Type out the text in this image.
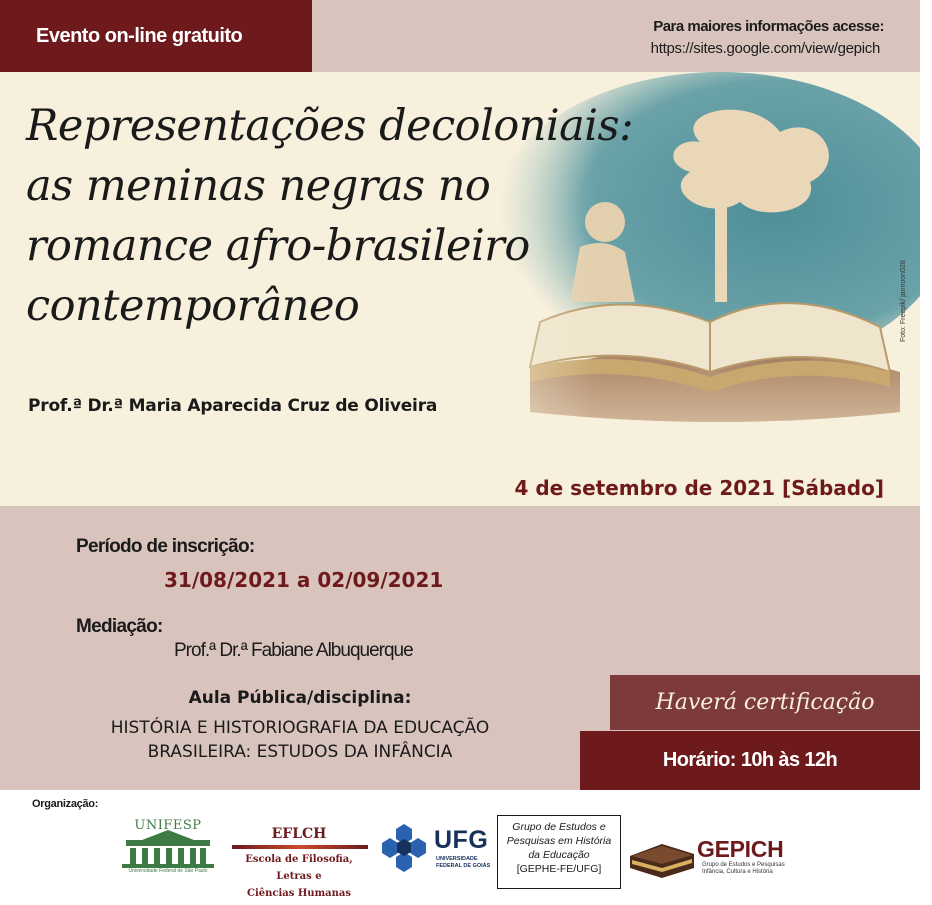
Evento on-line gratuito	Para maiores informações acesse:
https://sites.google.com/view/gepich
Representações decoloniais:
as meninas negras no
romance afro-brasileiro
contemporâneo	Foto: Freepik/ jannoon028
Prof.ª Dr.ª Maria Aparecida Cruz de Oliveira
4 de setembro de 2021 [Sábado]
Período de inscrição:
31/08/2021 a 02/09/2021
Mediação:
Prof.ª Dr.ª Fabiane Albuquerque
Aula Pública/disciplina:
HISTÓRIA E HISTORIOGRAFIA DA EDUCAÇÃO
BRASILEIRA: ESTUDOS DA INFÂNCIA
Haverá certificação
Horário: 10h às 12h
Organização:
UNIFESP
Universidade Federal de São Paulo
EFLCH
Escola de Filosofia, Letras e
Ciências Humanas
UFG
UNIVERSIDADE
FEDERAL DE GOIÁS
Grupo de Estudos e
Pesquisas em História
da Educação
[GEPHE-FE/UFG]
GEPICH
Grupo de Estudos e Pesquisas
Infância, Cultura e História
